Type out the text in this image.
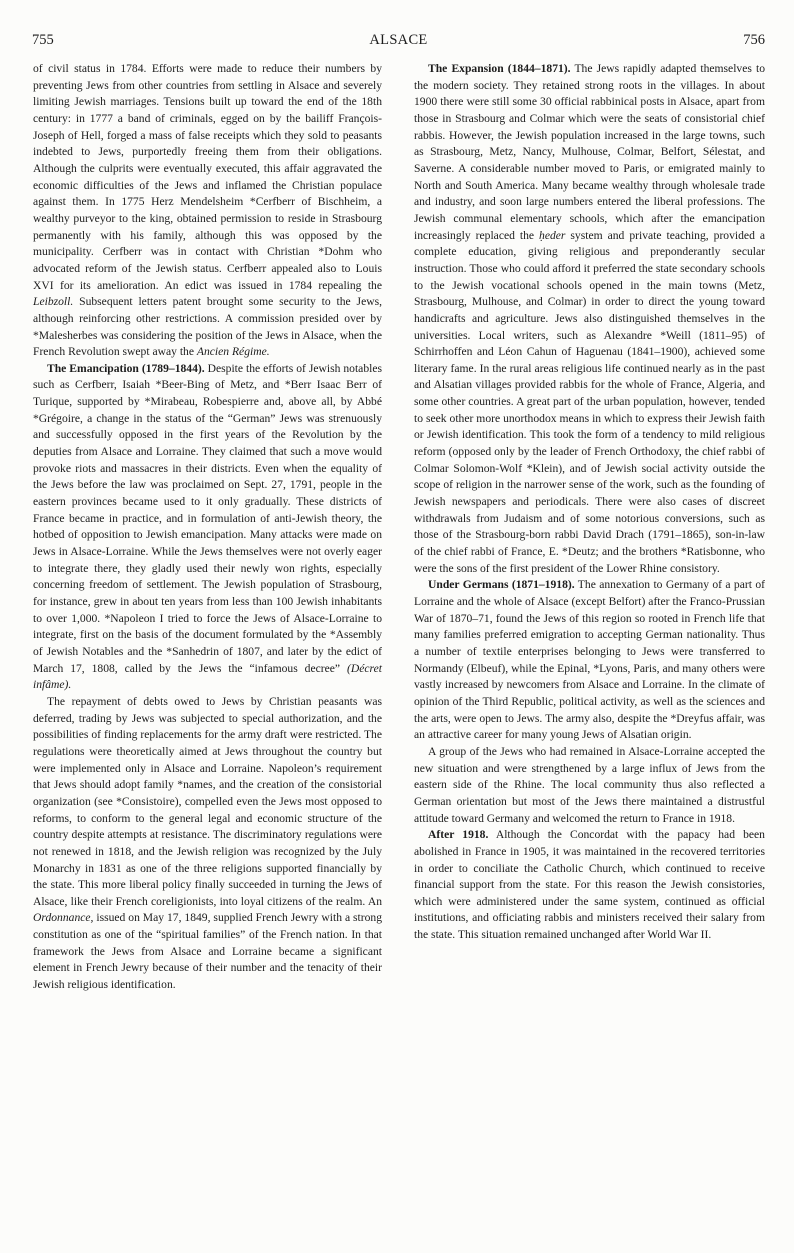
755	ALSACE	756

of civil status in 1784. Efforts were made to reduce their numbers by preventing Jews from other countries from settling in Alsace and severely limiting Jewish marriages. Tensions built up toward the end of the 18th century: in 1777 a band of criminals, egged on by the bailiff François-Joseph of Hell, forged a mass of false receipts which they sold to peasants indebted to Jews, purportedly freeing them from their obligations. Although the culprits were eventually executed, this affair aggravated the economic difficulties of the Jews and inflamed the Christian populace against them. In 1775 Herz Mendelsheim *Cerfberr of Bischheim, a wealthy purveyor to the king, obtained permission to reside in Strasbourg permanently with his family, although this was opposed by the municipality. Cerfberr was in contact with Christian *Dohm who advocated reform of the Jewish status. Cerfberr appealed also to Louis XVI for its amelioration. An edict was issued in 1784 repealing the Leibzoll. Subsequent letters patent brought some security to the Jews, although reinforcing other restrictions. A commission presided over by *Malesherbes was considering the position of the Jews in Alsace, when the French Revolution swept away the Ancien Régime.

The Emancipation (1789–1844). Despite the efforts of Jewish notables such as Cerfberr, Isaiah *Beer-Bing of Metz, and *Berr Isaac Berr of Turique, supported by *Mirabeau, Robespierre and, above all, by Abbé *Grégoire, a change in the status of the “German” Jews was strenuously and successfully opposed in the first years of the Revolution by the deputies from Alsace and Lorraine. They claimed that such a move would provoke riots and massacres in their districts. Even when the equality of the Jews before the law was proclaimed on Sept. 27, 1791, people in the eastern provinces became used to it only gradually. These districts of France became in practice, and in formulation of anti-Jewish theory, the hotbed of opposition to Jewish emancipation. Many attacks were made on Jews in Alsace-Lorraine. While the Jews themselves were not overly eager to integrate there, they gladly used their newly won rights, especially concerning freedom of settlement. The Jewish population of Strasbourg, for instance, grew in about ten years from less than 100 Jewish inhabitants to over 1,000. *Napoleon I tried to force the Jews of Alsace-Lorraine to integrate, first on the basis of the document formulated by the *Assembly of Jewish Notables and the *Sanhedrin of 1807, and later by the edict of March 17, 1808, called by the Jews the “infamous decree” (Décret infâme).

The repayment of debts owed to Jews by Christian peasants was deferred, trading by Jews was subjected to special authorization, and the possibilities of finding replacements for the army draft were restricted. The regulations were theoretically aimed at Jews throughout the country but were implemented only in Alsace and Lorraine. Napoleon’s requirement that Jews should adopt family *names, and the creation of the consistorial organization (see *Consistoire), compelled even the Jews most opposed to reforms, to conform to the general legal and economic structure of the country despite attempts at resistance. The discriminatory regulations were not renewed in 1818, and the Jewish religion was recognized by the July Monarchy in 1831 as one of the three religions supported financially by the state. This more liberal policy finally succeeded in turning the Jews of Alsace, like their French coreligionists, into loyal citizens of the realm. An Ordonnance, issued on May 17, 1849, supplied French Jewry with a strong constitution as one of the “spiritual families” of the French nation. In that framework the Jews from Alsace and Lorraine became a significant element in French Jewry because of their number and the tenacity of their Jewish religious identification.

The Expansion (1844–1871). The Jews rapidly adapted themselves to the modern society. They retained strong roots in the villages. In about 1900 there were still some 30 official rabbinical posts in Alsace, apart from those in Strasbourg and Colmar which were the seats of consistorial chief rabbis. However, the Jewish population increased in the large towns, such as Strasbourg, Metz, Nancy, Mulhouse, Colmar, Belfort, Sélestat, and Saverne. A considerable number moved to Paris, or emigrated mainly to North and South America. Many became wealthy through wholesale trade and industry, and soon large numbers entered the liberal professions. The Jewish communal elementary schools, which after the emancipation increasingly replaced the ḥeder system and private teaching, provided a complete education, giving religious and preponderantly secular instruction. Those who could afford it preferred the state secondary schools to the Jewish vocational schools opened in the main towns (Metz, Strasbourg, Mulhouse, and Colmar) in order to direct the young toward handicrafts and agriculture. Jews also distinguished themselves in the universities. Local writers, such as Alexandre *Weill (1811–95) of Schirrhoffen and Léon Cahun of Haguenau (1841–1900), achieved some literary fame. In the rural areas religious life continued nearly as in the past and Alsatian villages provided rabbis for the whole of France, Algeria, and some other countries. A great part of the urban population, however, tended to seek other more unorthodox means in which to express their Jewish faith or Jewish identification. This took the form of a tendency to mild religious reform (opposed only by the leader of French Orthodoxy, the chief rabbi of Colmar Solomon-Wolf *Klein), and of Jewish social activity outside the scope of religion in the narrower sense of the work, such as the founding of Jewish newspapers and periodicals. There were also cases of discreet withdrawals from Judaism and of some notorious conversions, such as those of the Strasbourg-born rabbi David Drach (1791–1865), son-in-law of the chief rabbi of France, E. *Deutz; and the brothers *Ratisbonne, who were the sons of the first president of the Lower Rhine consistory.

Under Germans (1871–1918). The annexation to Germany of a part of Lorraine and the whole of Alsace (except Belfort) after the Franco-Prussian War of 1870–71, found the Jews of this region so rooted in French life that many families preferred emigration to accepting German nationality. Thus a number of textile enterprises belonging to Jews were transferred to Normandy (Elbeuf), while the Epinal, *Lyons, Paris, and many others were vastly increased by newcomers from Alsace and Lorraine. In the climate of opinion of the Third Republic, political activity, as well as the sciences and the arts, were open to Jews. The army also, despite the *Dreyfus affair, was an attractive career for many young Jews of Alsatian origin.

A group of the Jews who had remained in Alsace-Lorraine accepted the new situation and were strengthened by a large influx of Jews from the eastern side of the Rhine. The local community thus also reflected a German orientation but most of the Jews there maintained a distrustful attitude toward Germany and welcomed the return to France in 1918.

After 1918. Although the Concordat with the papacy had been abolished in France in 1905, it was maintained in the recovered territories in order to conciliate the Catholic Church, which continued to receive financial support from the state. For this reason the Jewish consistories, which were administered under the same system, continued as official institutions, and officiating rabbis and ministers received their salary from the state. This situation remained unchanged after World War II.
